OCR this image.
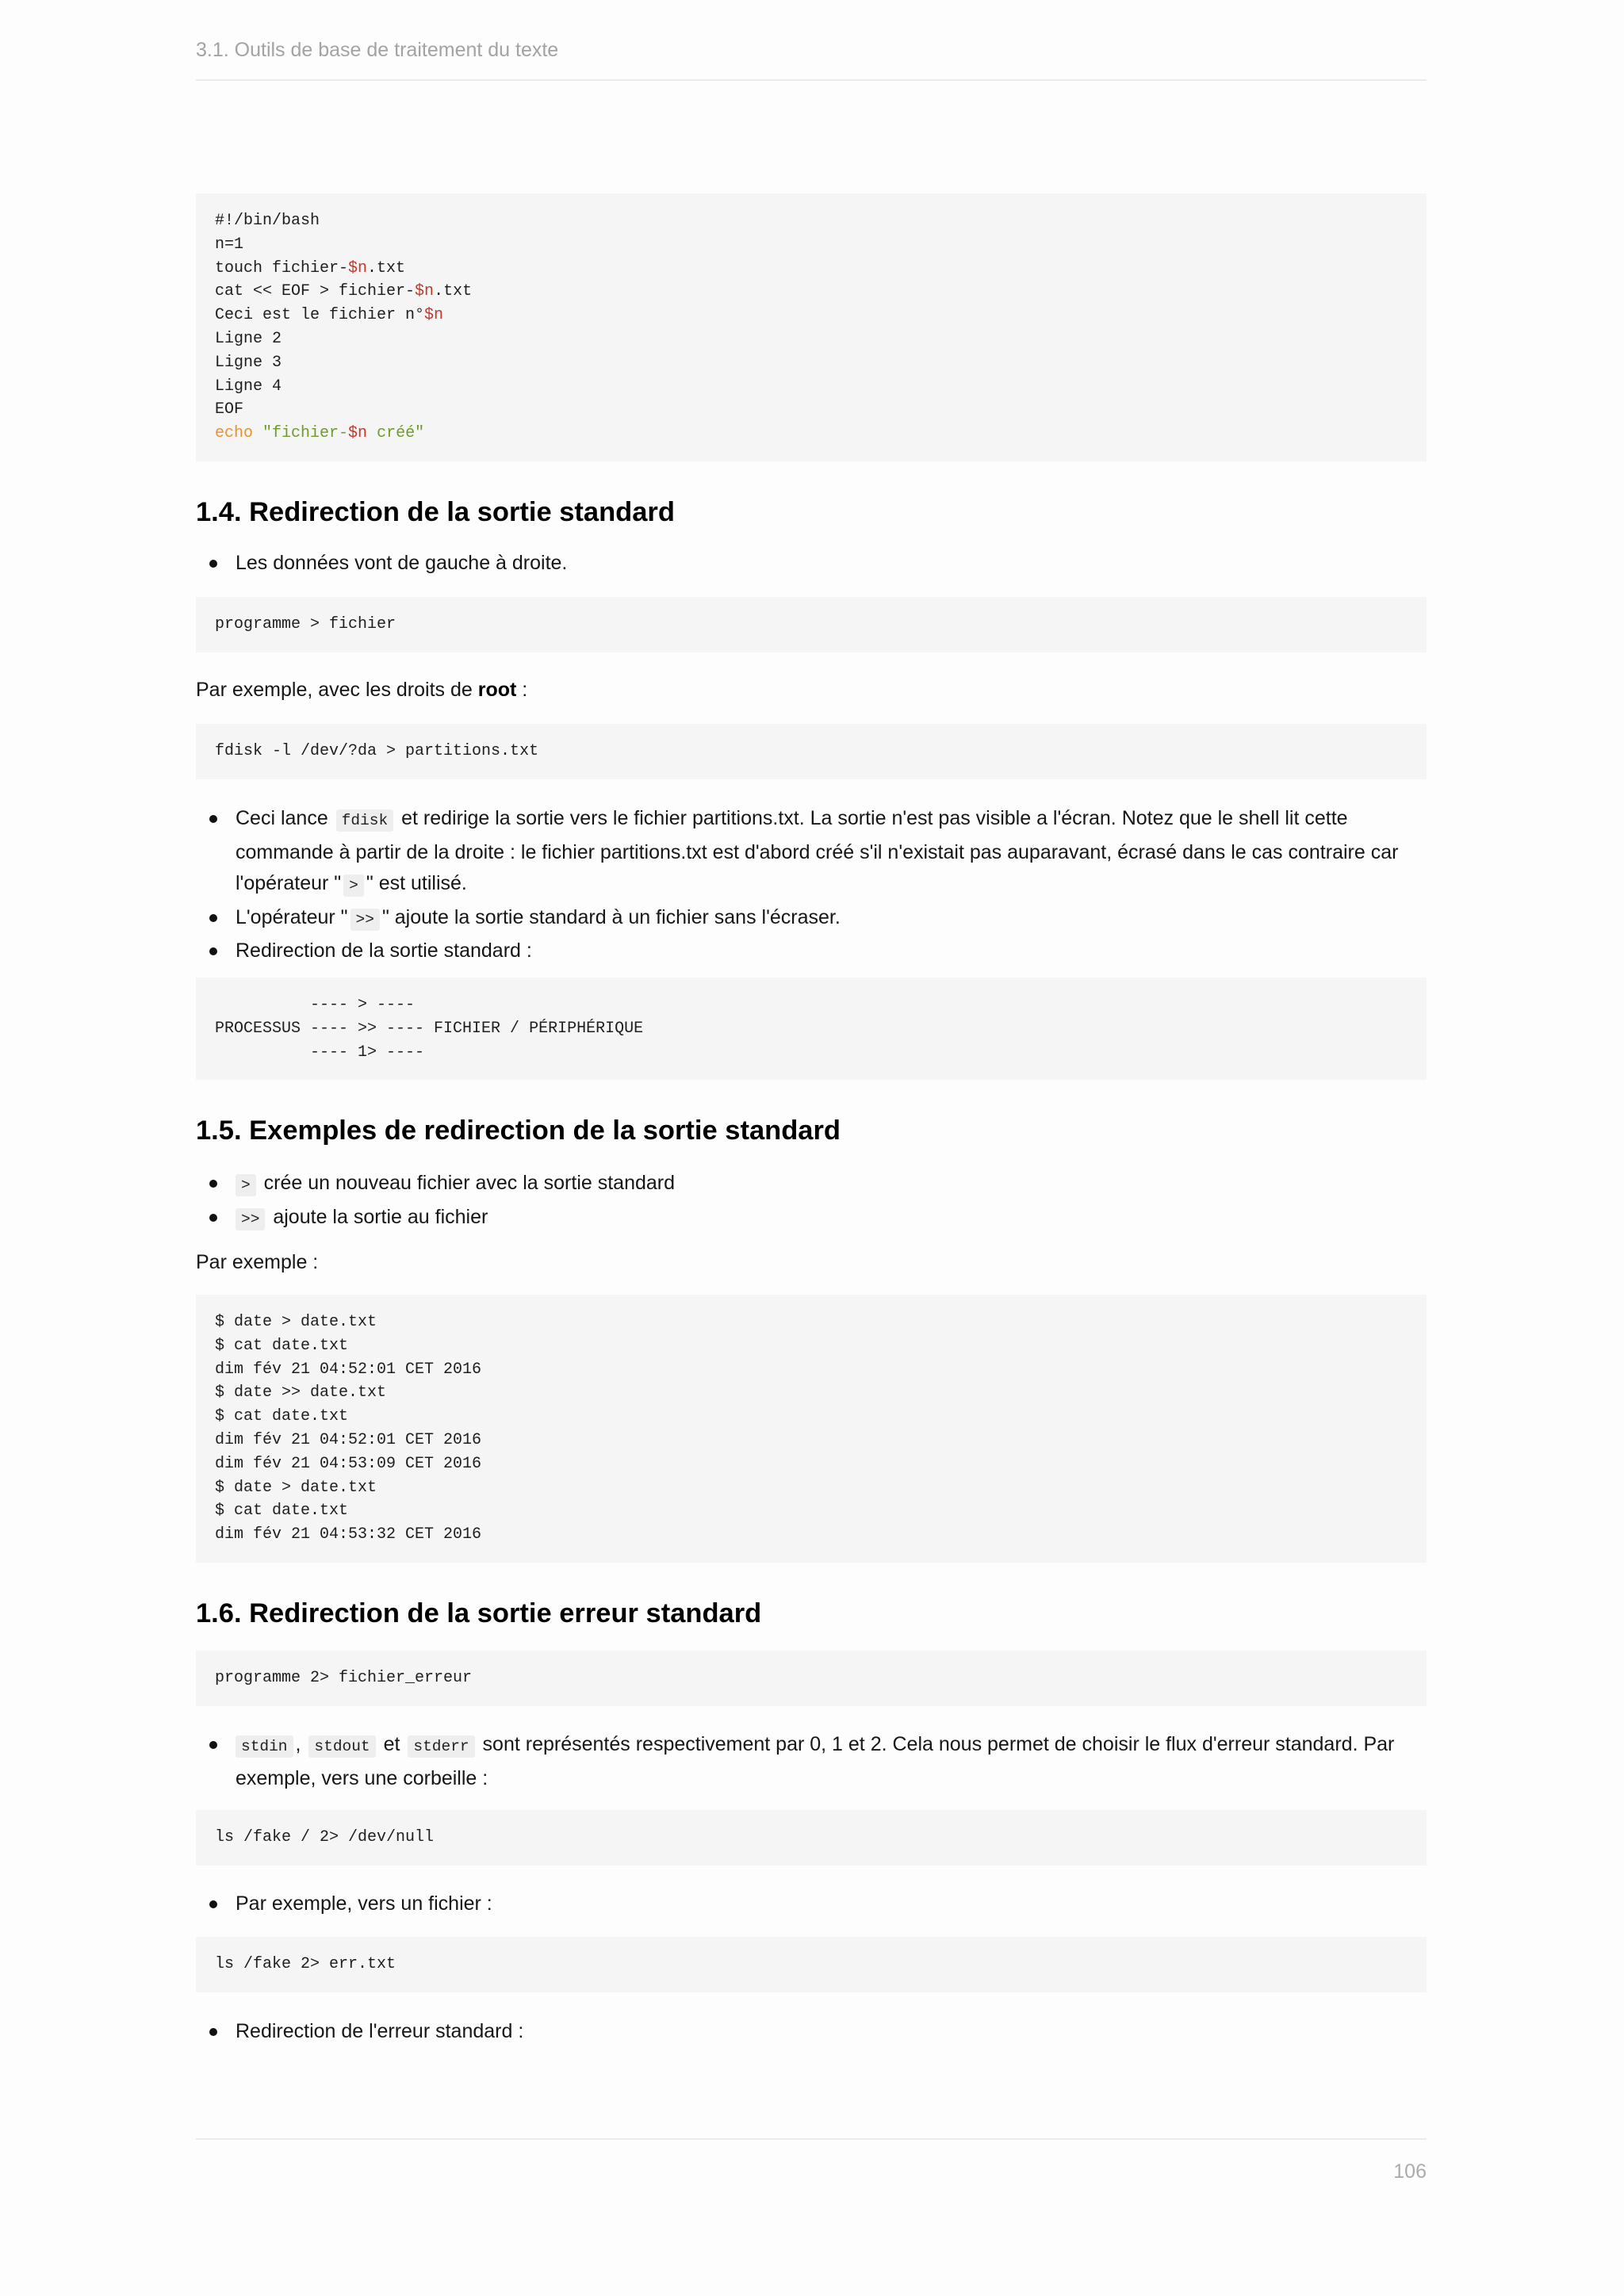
3.1. Outils de base de traitement du texte
#!/bin/bash
n=1
touch fichier-$n.txt
cat << EOF > fichier-$n.txt
Ceci est le fichier n°$n
Ligne 2
Ligne 3
Ligne 4
EOF
echo "fichier-$n créé"
1.4. Redirection de la sortie standard
Les données vont de gauche à droite.
programme > fichier

Par exemple, avec les droits de root :

fdisk -l /dev/?da > partitions.txt
Ceci lance fdisk et redirige la sortie vers le fichier partitions.txt. La sortie n'est pas visible a l'écran. Notez que le shell lit cette commande à partir de la droite : le fichier partitions.txt est d'abord créé s'il n'existait pas auparavant, écrasé dans le cas contraire car l'opérateur " > " est utilisé.
L'opérateur " >> " ajoute la sortie standard à un fichier sans l'écraser.
Redirection de la sortie standard :
---- > ----
PROCESSUS ---- >> ---- FICHIER / PÉRIPHÉRIQUE
---- 1> ----
1.5. Exemples de redirection de la sortie standard
> crée un nouveau fichier avec la sortie standard
>> ajoute la sortie au fichier

Par exemple :

$ date > date.txt
$ cat date.txt
dim fév 21 04:52:01 CET 2016
$ date >> date.txt
$ cat date.txt
dim fév 21 04:52:01 CET 2016
dim fév 21 04:53:09 CET 2016
$ date > date.txt
$ cat date.txt
dim fév 21 04:53:32 CET 2016
1.6. Redirection de la sortie erreur standard
programme 2> fichier_erreur
stdin , stdout et stderr sont représentés respectivement par 0, 1 et 2. Cela nous permet de choisir le flux d'erreur standard. Par exemple, vers une corbeille :
ls /fake / 2> /dev/null
Par exemple, vers un fichier :
ls /fake 2> err.txt
Redirection de l'erreur standard :
106
